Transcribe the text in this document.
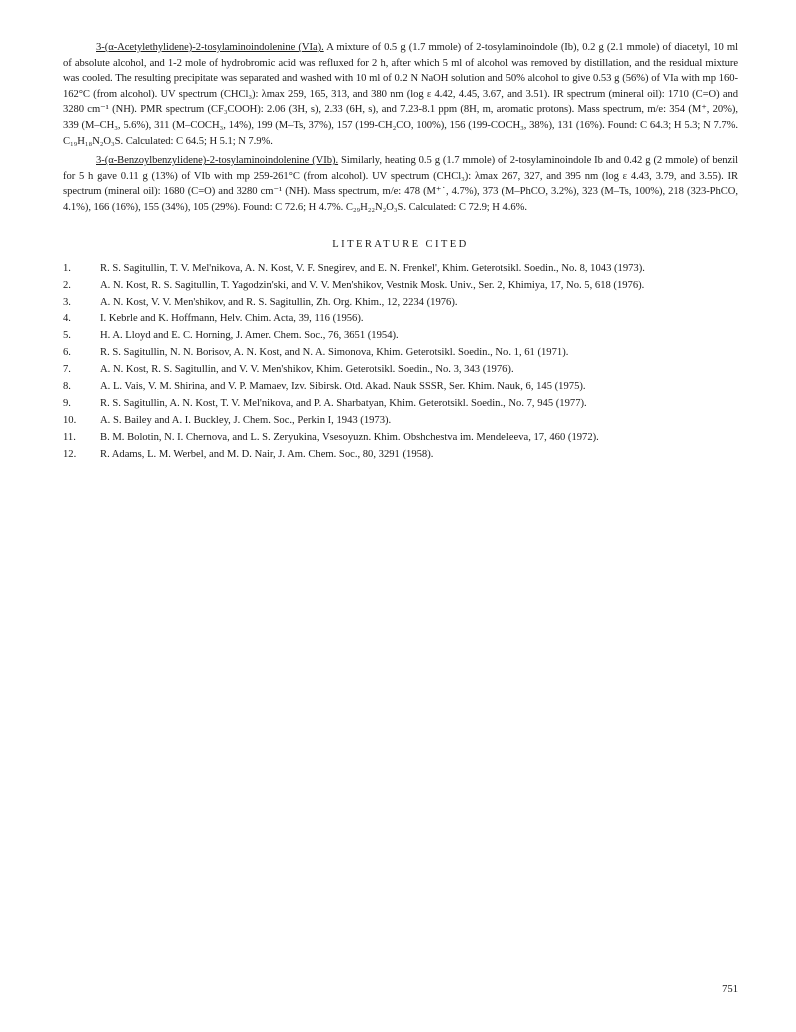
3-(α-Acetylethylidene)-2-tosylaminoindolenine (VIa). A mixture of 0.5 g (1.7 mmole) of 2-tosylaminoindole (Ib), 0.2 g (2.1 mmole) of diacetyl, 10 ml of absolute alcohol, and 1-2 mole of hydrobromic acid was refluxed for 2 h, after which 5 ml of alcohol was removed by distillation, and the residual mixture was cooled. The resulting precipitate was separated and washed with 10 ml of 0.2 N NaOH solution and 50% alcohol to give 0.53 g (56%) of VIa with mp 160-162°C (from alcohol). UV spectrum (CHCl₃): λmax 259, 165, 313, and 380 nm (log ε 4.42, 4.45, 3.67, and 3.51). IR spectrum (mineral oil): 1710 (C=O) and 3280 cm⁻¹ (NH). PMR spectrum (CF₃COOH): 2.06 (3H, s), 2.33 (6H, s), and 7.23-8.1 ppm (8H, m, aromatic protons). Mass spectrum, m/e: 354 (M⁺, 20%), 339 (M–CH₃, 5.6%), 311 (M–COCH₃, 14%), 199 (M–Ts, 37%), 157 (199-CH₂CO, 100%), 156 (199-COCH₃, 38%), 131 (16%). Found: C 64.3; H 5.3; N 7.7%. C₁₉H₁₈N₂O₃S. Calculated: C 64.5; H 5.1; N 7.9%.

3-(α-Benzoylbenzylidene)-2-tosylaminoindolenine (VIb). Similarly, heating 0.5 g (1.7 mmole) of 2-tosylaminoindole Ib and 0.42 g (2 mmole) of benzil for 5 h gave 0.11 g (13%) of VIb with mp 259-261°C (from alcohol). UV spectrum (CHCl₃): λmax 267, 327, and 395 nm (log ε 4.43, 3.79, and 3.55). IR spectrum (mineral oil): 1680 (C=O) and 3280 cm⁻¹ (NH). Mass spectrum, m/e: 478 (M⁺˙, 4.7%), 373 (M–PhCO, 3.2%), 323 (M–Ts, 100%), 218 (323-PhCO, 4.1%), 166 (16%), 155 (34%), 105 (29%). Found: C 72.6; H 4.7%. C₂₉H₂₂N₂O₃S. Calculated: C 72.9; H 4.6%.

LITERATURE CITED
1.	R. S. Sagitullin, T. V. Mel'nikova, A. N. Kost, V. F. Snegirev, and E. N. Frenkel', Khim. Geterotsikl. Soedin., No. 8, 1043 (1973).
2.	A. N. Kost, R. S. Sagitullin, T. Yagodzin'ski, and V. V. Men'shikov, Vestnik Mosk. Univ., Ser. 2, Khimiya, 17, No. 5, 618 (1976).
3.	A. N. Kost, V. V. Men'shikov, and R. S. Sagitullin, Zh. Org. Khim., 12, 2234 (1976).
4.	I. Kebrle and K. Hoffmann, Helv. Chim. Acta, 39, 116 (1956).
5.	H. A. Lloyd and E. C. Horning, J. Amer. Chem. Soc., 76, 3651 (1954).
6.	R. S. Sagitullin, N. N. Borisov, A. N. Kost, and N. A. Simonova, Khim. Geterotsikl. Soedin., No. 1, 61 (1971).
7.	A. N. Kost, R. S. Sagitullin, and V. V. Men'shikov, Khim. Geterotsikl. Soedin., No. 3, 343 (1976).
8.	A. L. Vais, V. M. Shirina, and V. P. Mamaev, Izv. Sibirsk. Otd. Akad. Nauk SSSR, Ser. Khim. Nauk, 6, 145 (1975).
9.	R. S. Sagitullin, A. N. Kost, T. V. Mel'nikova, and P. A. Sharbatyan, Khim. Geterotsikl. Soedin., No. 7, 945 (1977).
10.	A. S. Bailey and A. I. Buckley, J. Chem. Soc., Perkin I, 1943 (1973).
11.	B. M. Bolotin, N. I. Chernova, and L. S. Zeryukina, Vsesoyuzn. Khim. Obshchestva im. Mendeleeva, 17, 460 (1972).
12.	R. Adams, L. M. Werbel, and M. D. Nair, J. Am. Chem. Soc., 80, 3291 (1958).
751
